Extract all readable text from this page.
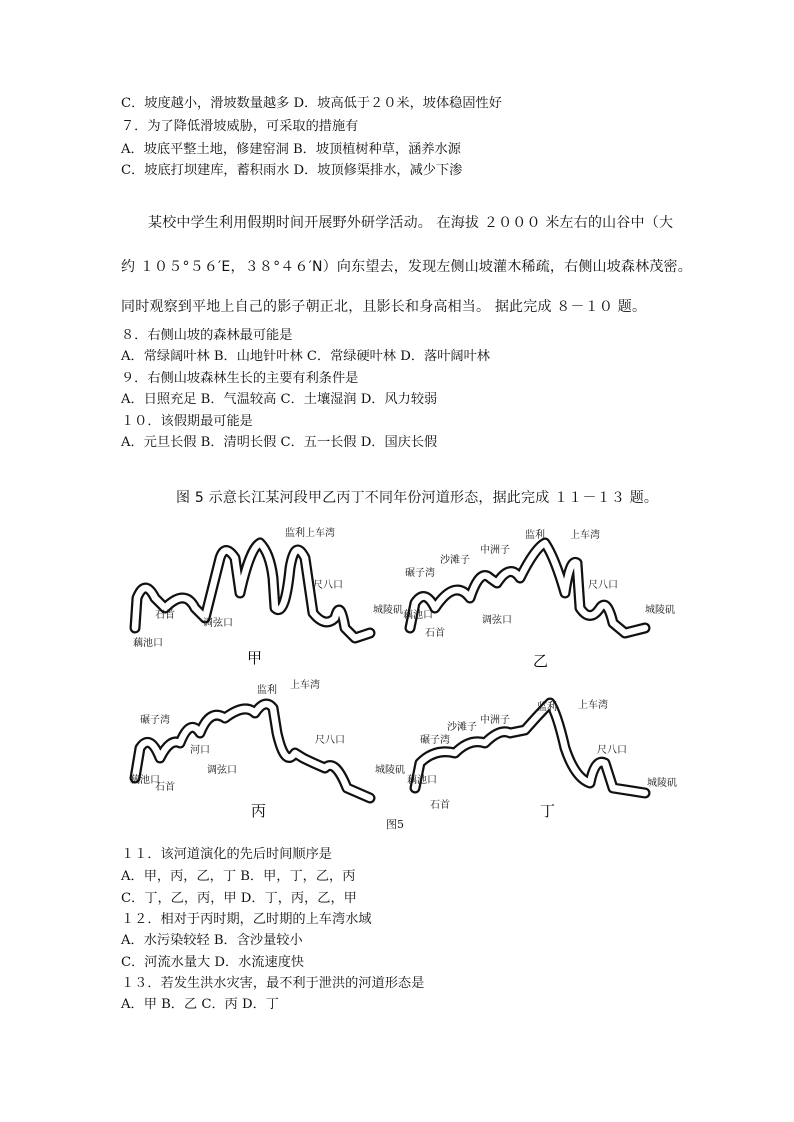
C．坡度越小，滑坡数量越多 D．坡高低于２０米，坡体稳固性好
７．为了降低滑坡威胁，可采取的措施有
A．坡底平整土地，修建窑洞 B．坡顶植树种草，涵养水源
C．坡底打坝建库，蓄积雨水 D．坡顶修渠排水，减少下渗
某校中学生利用假期时间开展野外研学活动。 在海拔 ２０００ 米左右的山谷中（大
约 １０５°５６′E，３８°４６′N）向东望去，发现左侧山坡灌木稀疏，右侧山坡森林茂密。
同时观察到平地上自己的影子朝正北，且影长和身高相当。 据此完成 ８－１０ 题。
８．右侧山坡的森林最可能是
A．常绿阔叶林 B．山地针叶林 C．常绿硬叶林 D．落叶阔叶林
９．右侧山坡森林生长的主要有利条件是
A．日照充足 B．气温较高 C．土壤湿润 D．风力较弱
１０．该假期最可能是
A．元旦长假 B．清明长假 C．五一长假 D．国庆长假
图 5 示意长江某河段甲乙丙丁不同年份河道形态，据此完成 １１－１３ 题。
监利 上车湾
石首
调弦口
尺八口
城陵矶
藕池口
甲
监利	上车湾
沙滩子
中洲子
碾子湾
石首
调弦口
尺八口
城陵矶
藕池口
乙
监利 上车湾
碾子湾
石首
河口
调弦口
尺八口
城陵矶
藕池口
丙
监利 上车湾
碾子湾
沙滩子
中洲子
石首
尺八口
城陵矶
藕池口
丁
图5
１１．该河道演化的先后时间顺序是
A．甲，丙，乙，丁 B．甲，丁，乙，丙
C．丁，乙，丙，甲 D．丁，丙，乙，甲
１２．相对于丙时期，乙时期的上车湾水域
A．水污染较轻 B．含沙量较小
C．河流水量大 D．水流速度快
１３．若发生洪水灾害，最不利于泄洪的河道形态是
A．甲 B．乙 C．丙 D．丁
